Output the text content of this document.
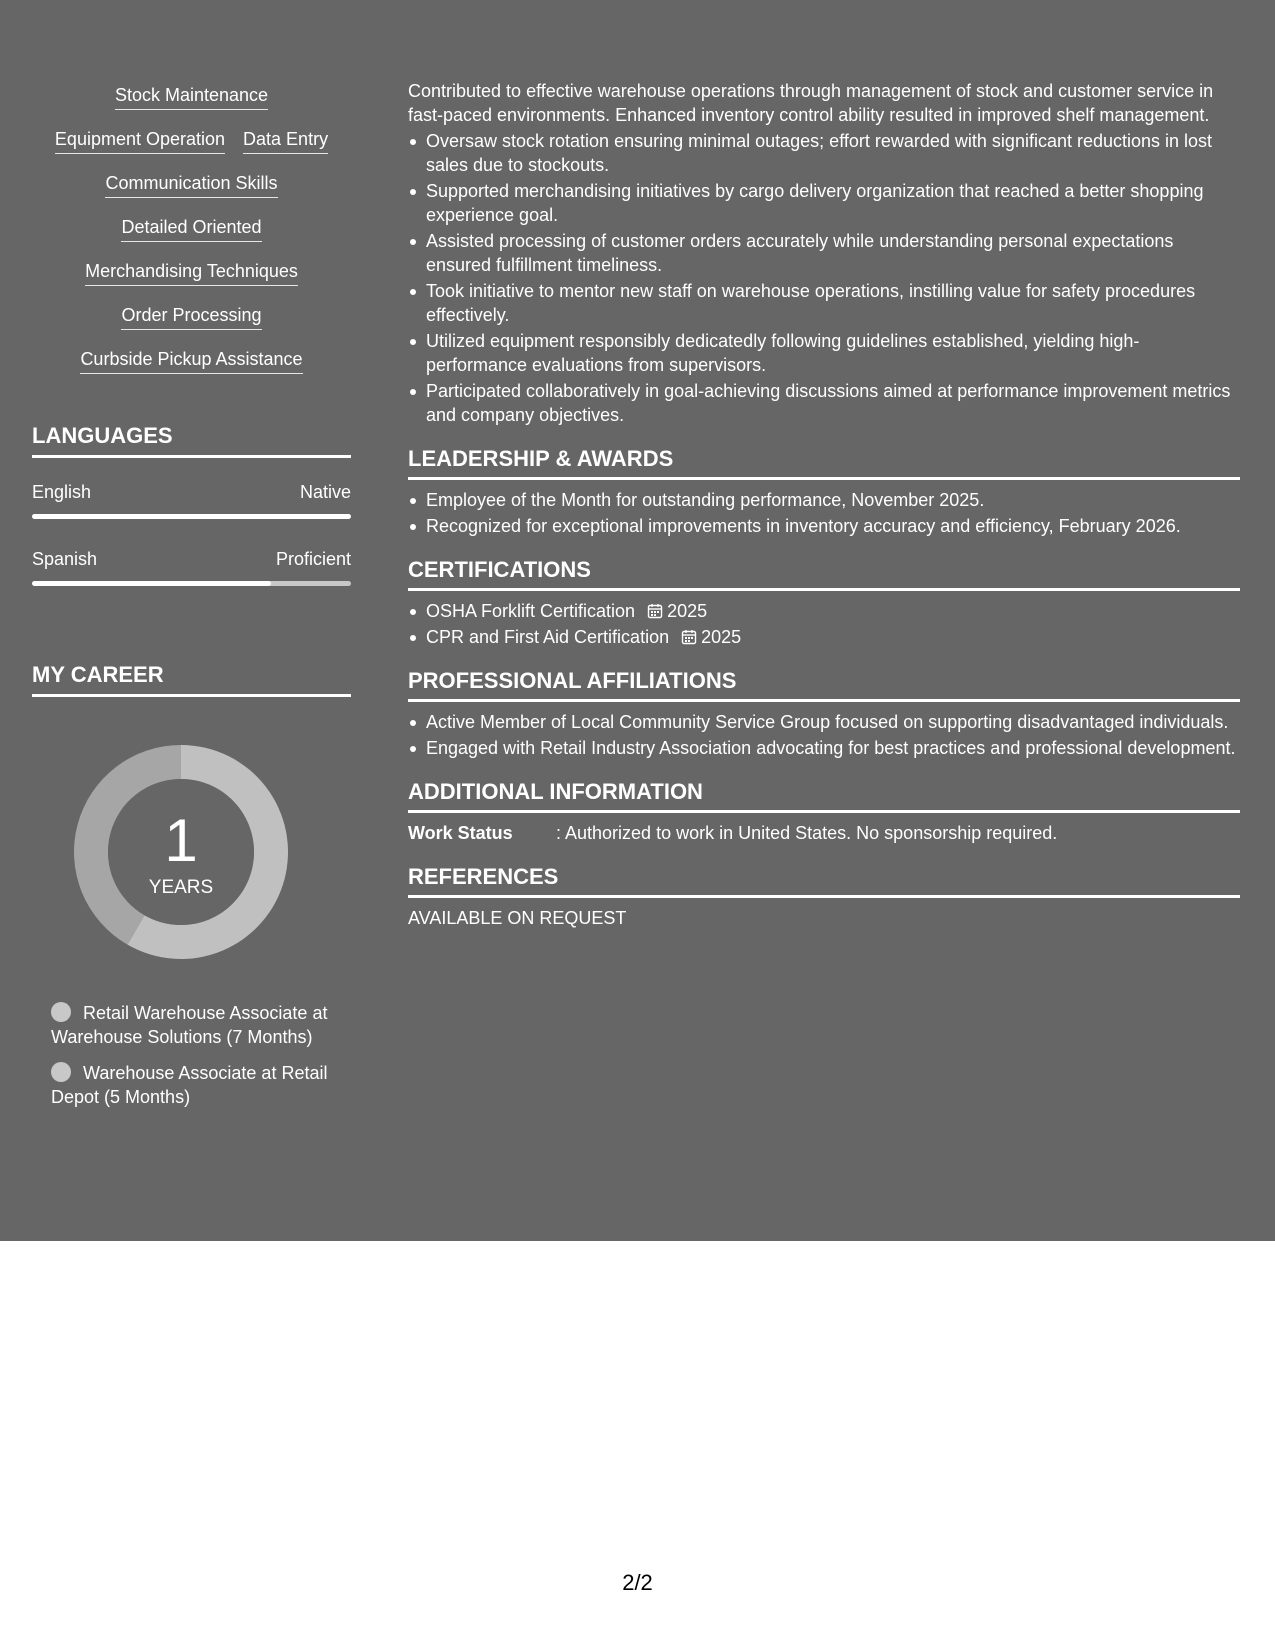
Stock Maintenance
Equipment Operation Data Entry
Communication Skills
Detailed Oriented
Merchandising Techniques
Order Processing
Curbside Pickup Assistance
LANGUAGES
English	Native
Spanish	Proficient
MY CAREER
1
YEARS
Retail Warehouse Associate at Warehouse Solutions (7 Months)
Warehouse Associate at Retail Depot (5 Months)
Contributed to effective warehouse operations through management of stock and customer service in fast-paced environments. Enhanced inventory control ability resulted in improved shelf management.
Oversaw stock rotation ensuring minimal outages; effort rewarded with significant reductions in lost sales due to stockouts.
Supported merchandising initiatives by cargo delivery organization that reached a better shopping experience goal.
Assisted processing of customer orders accurately while understanding personal expectations ensured fulfillment timeliness.
Took initiative to mentor new staff on warehouse operations, instilling value for safety procedures effectively.
Utilized equipment responsibly dedicatedly following guidelines established, yielding high-performance evaluations from supervisors.
Participated collaboratively in goal-achieving discussions aimed at performance improvement metrics and company objectives.
LEADERSHIP & AWARDS
Employee of the Month for outstanding performance, November 2025.
Recognized for exceptional improvements in inventory accuracy and efficiency, February 2026.
CERTIFICATIONS
OSHA Forklift Certification 2025
CPR and First Aid Certification 2025
PROFESSIONAL AFFILIATIONS
Active Member of Local Community Service Group focused on supporting disadvantaged individuals.
Engaged with Retail Industry Association advocating for best practices and professional development.
ADDITIONAL INFORMATION
Work Status	: Authorized to work in United States. No sponsorship required.
REFERENCES
AVAILABLE ON REQUEST
2/2
